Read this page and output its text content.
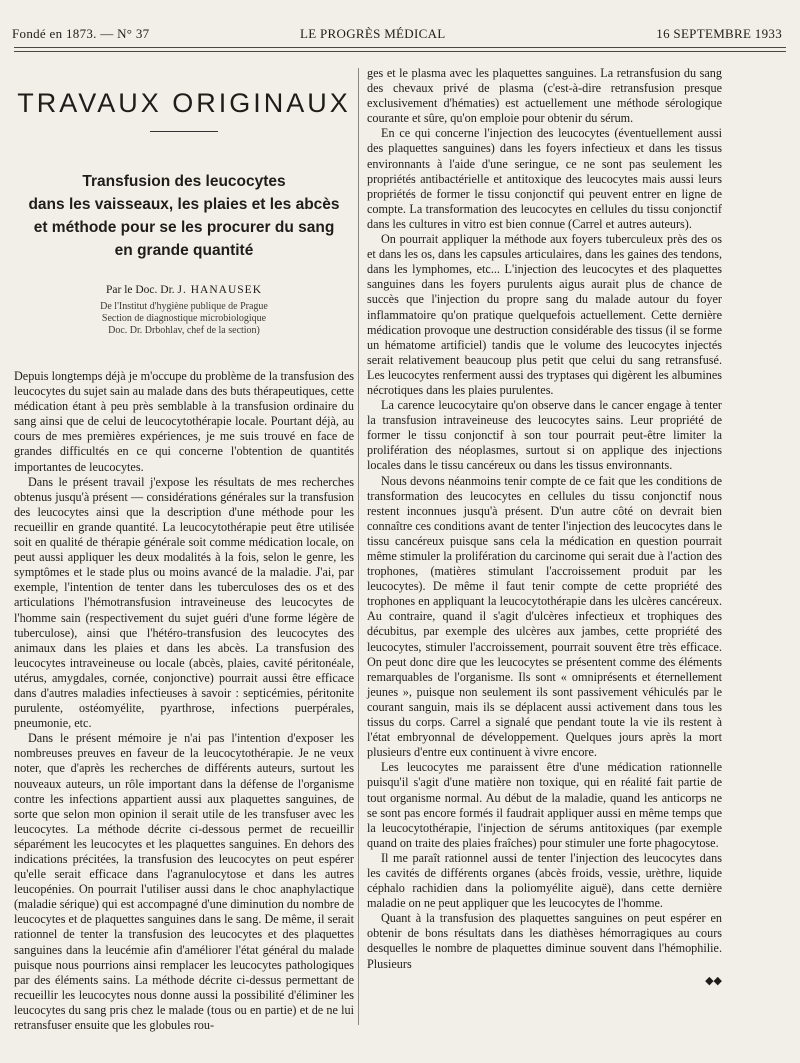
Fondé en 1873. — N° 37	LE PROGRÈS MÉDICAL	16 SEPTEMBRE 1933
TRAVAUX ORIGINAUX
Transfusion des leucocytes
dans les vaisseaux, les plaies et les abcès
et méthode pour se les procurer du sang
en grande quantité
Par le Doc. Dr. J. HANAUSEK
De l'Institut d'hygiène publique de Prague
Section de diagnostique microbiologique
Doc. Dr. Drbohlav, chef de la section)

Depuis longtemps déjà je m'occupe du problème de la transfusion des leucocytes du sujet sain au malade dans des buts thérapeutiques, cette médication étant à peu près semblable à la transfusion ordinaire du sang ainsi que de celui de leucocytothérapie locale. Pourtant déjà, au cours de mes premières expériences, je me suis trouvé en face de grandes difficultés en ce qui concerne l'obtention de quantités importantes de leucocytes.

Dans le présent travail j'expose les résultats de mes recherches obtenus jusqu'à présent — considérations générales sur la transfusion des leucocytes ainsi que la description d'une méthode pour les recueillir en grande quantité. La leucocytothérapie peut être utilisée soit en qualité de thérapie générale soit comme médication locale, on peut aussi appliquer les deux modalités à la fois, selon le genre, les symptômes et le stade plus ou moins avancé de la maladie. J'ai, par exemple, l'intention de tenter dans les tuberculoses des os et des articulations l'hémotransfusion intraveineuse des leucocytes de l'homme sain (respectivement du sujet guéri d'une forme légère de tuberculose), ainsi que l'hétéro-transfusion des leucocytes des animaux dans les plaies et dans les abcès. La transfusion des leucocytes intraveineuse ou locale (abcès, plaies, cavité péritonéale, utérus, amygdales, cornée, conjonctive) pourrait aussi être efficace dans d'autres maladies infectieuses à savoir : septicémies, péritonite purulente, ostéomyélite, pyarthrose, infections puerpérales, pneumonie, etc.

Dans le présent mémoire je n'ai pas l'intention d'exposer les nombreuses preuves en faveur de la leucocytothérapie. Je ne veux noter, que d'après les recherches de différents auteurs, surtout les nouveaux auteurs, un rôle important dans la défense de l'organisme contre les infections appartient aussi aux plaquettes sanguines, de sorte que selon mon opinion il serait utile de les transfuser avec les leucocytes. La méthode décrite ci-dessous permet de recueillir séparément les leucocytes et les plaquettes sanguines. En dehors des indications précitées, la transfusion des leucocytes on peut espérer qu'elle serait efficace dans l'agranulocytose et dans les autres leucopénies. On pourrait l'utiliser aussi dans le choc anaphylactique (maladie sérique) qui est accompagné d'une diminution du nombre de leucocytes et de plaquettes sanguines dans le sang. De même, il serait rationnel de tenter la transfusion des leucocytes et des plaquettes sanguines dans la leucémie afin d'améliorer l'état général du malade puisque nous pourrions ainsi remplacer les leucocytes pathologiques par des éléments sains. La méthode décrite ci-dessus permettant de recueillir les leucocytes nous donne aussi la possibilité d'éliminer les leucocytes du sang pris chez le malade (tous ou en partie) et de ne lui retransfuser ensuite que les globules rou-

ges et le plasma avec les plaquettes sanguines. La retransfusion du sang des chevaux privé de plasma (c'est-à-dire retransfusion presque exclusivement d'hématies) est actuellement une méthode sérologique courante et sûre, qu'on emploie pour obtenir du sérum.

En ce qui concerne l'injection des leucocytes (éventuellement aussi des plaquettes sanguines) dans les foyers infectieux et dans les tissus environnants à l'aide d'une seringue, ce ne sont pas seulement les propriétés antibactérielle et antitoxique des leucocytes mais aussi leurs propriétés de former le tissu conjonctif qui peuvent entrer en ligne de compte. La transformation des leucocytes en cellules du tissu conjonctif dans les cultures in vitro est bien connue (Carrel et autres auteurs).

On pourrait appliquer la méthode aux foyers tuberculeux près des os et dans les os, dans les capsules articulaires, dans les gaines des tendons, dans les lymphomes, etc... L'injection des leucocytes et des plaquettes sanguines dans les foyers purulents aigus aurait plus de chance de succès que l'injection du propre sang du malade autour du foyer inflammatoire qu'on pratique quelquefois actuellement. Cette dernière médication provoque une destruction considérable des tissus (il se forme un hématome artificiel) tandis que le volume des leucocytes injectés serait relativement beaucoup plus petit que celui du sang retransfusé. Les leucocytes renferment aussi des tryptases qui digèrent les albumines nécrotiques dans les plaies purulentes.

La carence leucocytaire qu'on observe dans le cancer engage à tenter la transfusion intraveineuse des leucocytes sains. Leur propriété de former le tissu conjonctif à son tour pourrait peut-être limiter la prolifération des néoplasmes, surtout si on applique des injections locales dans le tissu cancéreux ou dans les tissus environnants.

Nous devons néanmoins tenir compte de ce fait que les conditions de transformation des leucocytes en cellules du tissu conjonctif nous restent inconnues jusqu'à présent. D'un autre côté on devrait bien connaître ces conditions avant de tenter l'injection des leucocytes dans le tissu cancéreux puisque sans cela la médication en question pourrait même stimuler la prolifération du carcinome qui serait due à l'action des trophones, (matières stimulant l'accroissement produit par les leucocytes). De même il faut tenir compte de cette propriété des trophones en appliquant la leucocytothérapie dans les ulcères cancéreux. Au contraire, quand il s'agit d'ulcères infectieux et trophiques des décubitus, par exemple des ulcères aux jambes, cette propriété des leucocytes, stimuler l'accroissement, pourrait souvent être très efficace. On peut donc dire que les leucocytes se présentent comme des éléments remarquables de l'organisme. Ils sont « omniprésents et éternellement jeunes », puisque non seulement ils sont passivement véhiculés par le courant sanguin, mais ils se déplacent aussi activement dans tous les tissus du corps. Carrel a signalé que pendant toute la vie ils restent à l'état embryonnal de développement. Quelques jours après la mort plusieurs d'entre eux continuent à vivre encore.

Les leucocytes me paraissent être d'une médication rationnelle puisqu'il s'agit d'une matière non toxique, qui en réalité fait partie de tout organisme normal. Au début de la maladie, quand les anticorps ne se sont pas encore formés il faudrait appliquer aussi en même temps que la leucocytothérapie, l'injection de sérums antitoxiques (par exemple quand on traite des plaies fraîches) pour stimuler une forte phagocytose.

Il me paraît rationnel aussi de tenter l'injection des leucocytes dans les cavités de différents organes (abcès froids, vessie, urèthre, liquide céphalo rachidien dans la poliomyélite aiguë), dans cette dernière maladie on ne peut appliquer que les leucocytes de l'homme.

Quant à la transfusion des plaquettes sanguines on peut espérer en obtenir de bons résultats dans les diathèses hémorragiques au cours desquelles le nombre de plaquettes diminue souvent dans l'hémophilie. Plusieurs

◆◆
